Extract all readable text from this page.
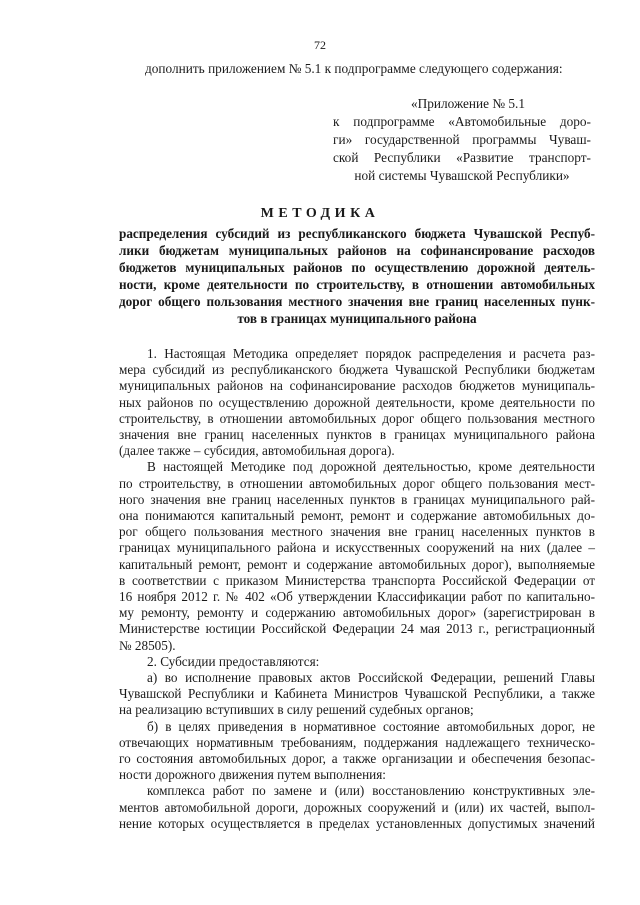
72
дополнить приложением № 5.1 к подпрограмме следующего содержания:
«Приложение № 5.1
к подпрограмме «Автомобильные доро-
ги» государственной программы Чуваш-
ской Республики «Развитие транспорт-
ной системы Чувашской Республики»
МЕТОДИКА
распределения субсидий из республиканского бюджета Чувашской Респуб-
лики бюджетам муниципальных районов на софинансирование расходов
бюджетов муниципальных районов по осуществлению дорожной деятель-
ности, кроме деятельности по строительству, в отношении автомобильных
дорог общего пользования местного значения вне границ населенных пунк-
тов в границах муниципального района
1. Настоящая Методика определяет порядок распределения и расчета раз-
мера субсидий из республиканского бюджета Чувашской Республики бюджетам
муниципальных районов на софинансирование расходов бюджетов муниципаль-
ных районов по осуществлению дорожной деятельности, кроме деятельности по
строительству, в отношении автомобильных дорог общего пользования местного
значения вне границ населенных пунктов в границах муниципального района
(далее также – субсидия, автомобильная дорога).
В настоящей Методике под дорожной деятельностью, кроме деятельности
по строительству, в отношении автомобильных дорог общего пользования мест-
ного значения вне границ населенных пунктов в границах муниципального рай-
она понимаются капитальный ремонт, ремонт и содержание автомобильных до-
рог общего пользования местного значения вне границ населенных пунктов в
границах муниципального района и искусственных сооружений на них (далее –
капитальный ремонт, ремонт и содержание автомобильных дорог), выполняемые
в соответствии с приказом Министерства транспорта Российской Федерации от
16 ноября 2012 г. № 402 «Об утверждении Классификации работ по капитально-
му ремонту, ремонту и содержанию автомобильных дорог» (зарегистрирован в
Министерстве юстиции Российской Федерации 24 мая 2013 г., регистрационный
№ 28505).
2. Субсидии предоставляются:
а) во исполнение правовых актов Российской Федерации, решений Главы
Чувашской Республики и Кабинета Министров Чувашской Республики, а также
на реализацию вступивших в силу решений судебных органов;
б) в целях приведения в нормативное состояние автомобильных дорог, не
отвечающих нормативным требованиям, поддержания надлежащего техническо-
го состояния автомобильных дорог, а также организации и обеспечения безопас-
ности дорожного движения путем выполнения:
комплекса работ по замене и (или) восстановлению конструктивных эле-
ментов автомобильной дороги, дорожных сооружений и (или) их частей, выпол-
нение которых осуществляется в пределах установленных допустимых значений
